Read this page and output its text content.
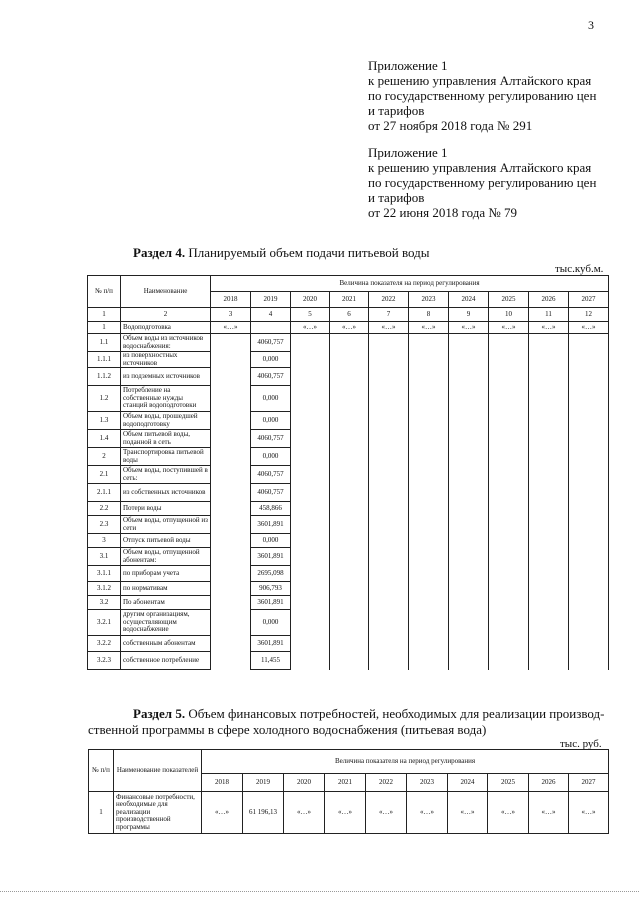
3
Приложение 1
к решению управления Алтайского края
по государственному регулированию цен
и тарифов
от 27 ноября 2018 года № 291
Приложение 1
к решению управления Алтайского края
по государственному регулированию цен
и тарифов
от 22 июня 2018 года № 79
Раздел 4. Планируемый объем подачи питьевой воды
тыс.куб.м.
№ п/п	Наименование	Величина показателя на период регулирования									
		2018	2019	2020	2021	2022	2023	2024	2025	2026	2027
1	2	3	4	5	6	7	8	9	10	11	12
1	Водоподготовка	«…»		«…»	«…»	«…»	«…»	«…»	«…»	«…»	«…»
1.1	Объем воды из источников водоснабжения:		4060,757								
1.1.1	из поверхностных источников		0,000								
1.1.2	из подземных источников		4060,757								
1.2	Потребление на собственные нужды станций водоподготовки		0,000								
1.3	Объем воды, прошедшей водоподготовку		0,000								
1.4	Объем питьевой воды, поданной в сеть		4060,757								
2	Транспортировка питьевой воды		0,000								
2.1	Объем воды, поступившей в сеть:		4060,757								
2.1.1	из собственных источников		4060,757								
2.2	Потери воды		458,866								
2.3	Объем воды, отпущенной из сети		3601,891								
3	Отпуск питьевой воды		0,000								
3.1	Объем воды, отпущенной абонентам:		3601,891								
3.1.1	по приборам учета		2695,098								
3.1.2	по нормативам		906,793								
3.2	По абонентам		3601,891								
3.2.1	другим организациям, осуществляющим водоснабжение		0,000								
3.2.2	собственным абонентам		3601,891								
3.2.3	собственное потребление		11,455								
Раздел 5. Объем финансовых потребностей, необходимых для реализации производ-
ственной программы в сфере холодного водоснабжения (питьевая вода)
тыс. руб.
№ п/п	Наименование показателей	Величина показателя на период регулирования									
		2018	2019	2020	2021	2022	2023	2024	2025	2026	2027
1	Финансовые потребности, необходимые для реализации производственной программы	«…»	61 196,13	«…»	«…»	«…»	«…»	«…»	«…»	«…»	«…»
